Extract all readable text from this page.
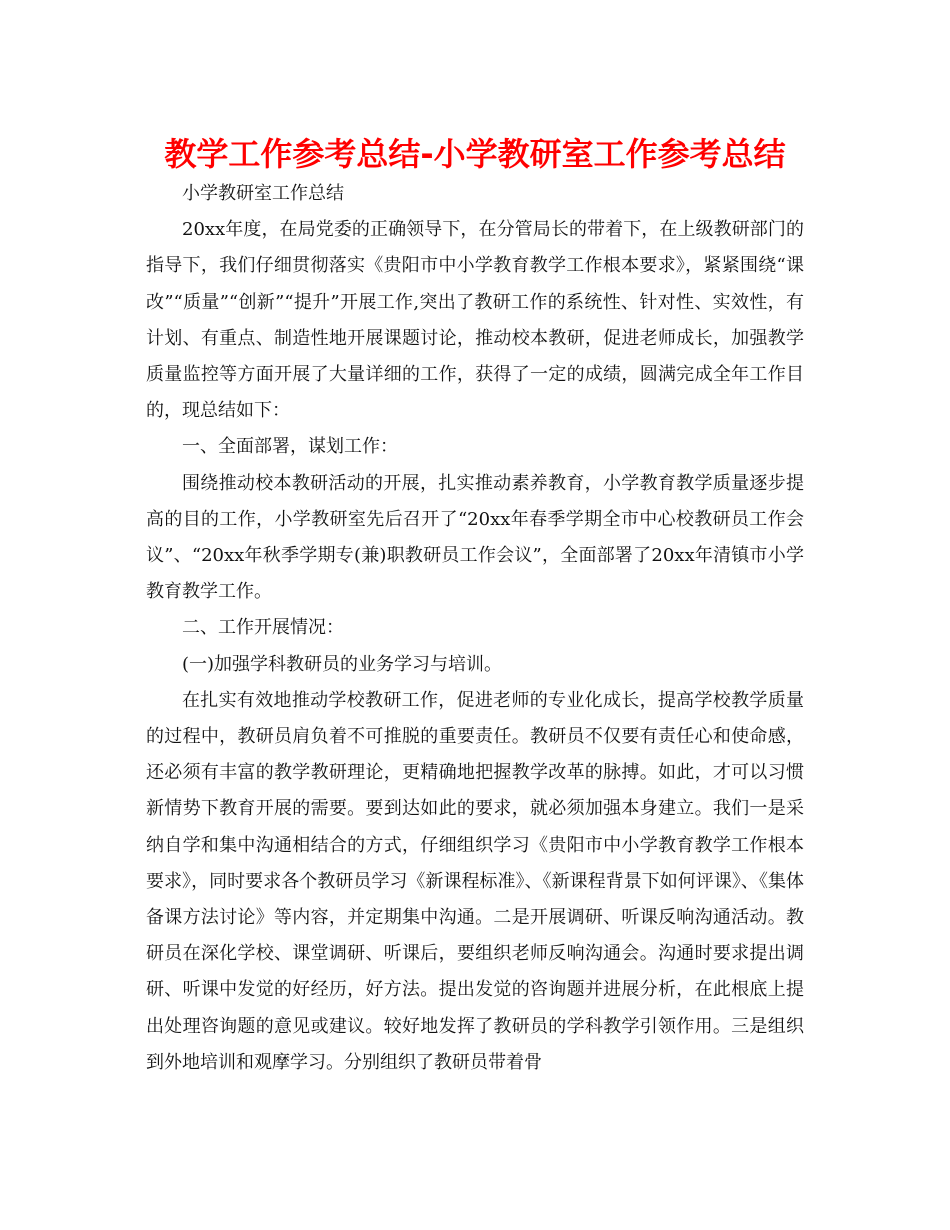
教学工作参考总结-小学教研室工作参考总结

小学教研室工作总结

20xx年度，在局党委的正确领导下，在分管局长的带着下，在上级教研部门的指导下，我们仔细贯彻落实《贵阳市中小学教育教学工作根本要求》，紧紧围绕“课改”“质量”“创新”“提升”开展工作,突出了教研工作的系统性、针对性、实效性，有计划、有重点、制造性地开展课题讨论，推动校本教研，促进老师成长，加强教学质量监控等方面开展了大量详细的工作，获得了一定的成绩，圆满完成全年工作目的，现总结如下：

一、全面部署，谋划工作：

围绕推动校本教研活动的开展，扎实推动素养教育，小学教育教学质量逐步提高的目的工作，小学教研室先后召开了“20xx年春季学期全市中心校教研员工作会议”、“20xx年秋季学期专(兼)职教研员工作会议”，全面部署了20xx年清镇市小学教育教学工作。

二、工作开展情况：

(一)加强学科教研员的业务学习与培训。

在扎实有效地推动学校教研工作，促进老师的专业化成长，提高学校教学质量的过程中，教研员肩负着不可推脱的重要责任。教研员不仅要有责任心和使命感，还必须有丰富的教学教研理论，更精确地把握教学改革的脉搏。如此，才可以习惯新情势下教育开展的需要。要到达如此的要求，就必须加强本身建立。我们一是采纳自学和集中沟通相结合的方式，仔细组织学习《贵阳市中小学教育教学工作根本要求》，同时要求各个教研员学习《新课程标准》、《新课程背景下如何评课》、《集体备课方法讨论》等内容，并定期集中沟通。二是开展调研、听课反响沟通活动。教研员在深化学校、课堂调研、听课后，要组织老师反响沟通会。沟通时要求提出调研、听课中发觉的好经历，好方法。提出发觉的咨询题并进展分析，在此根底上提出处理咨询题的意见或建议。较好地发挥了教研员的学科教学引领作用。三是组织到外地培训和观摩学习。分别组织了教研员带着骨
